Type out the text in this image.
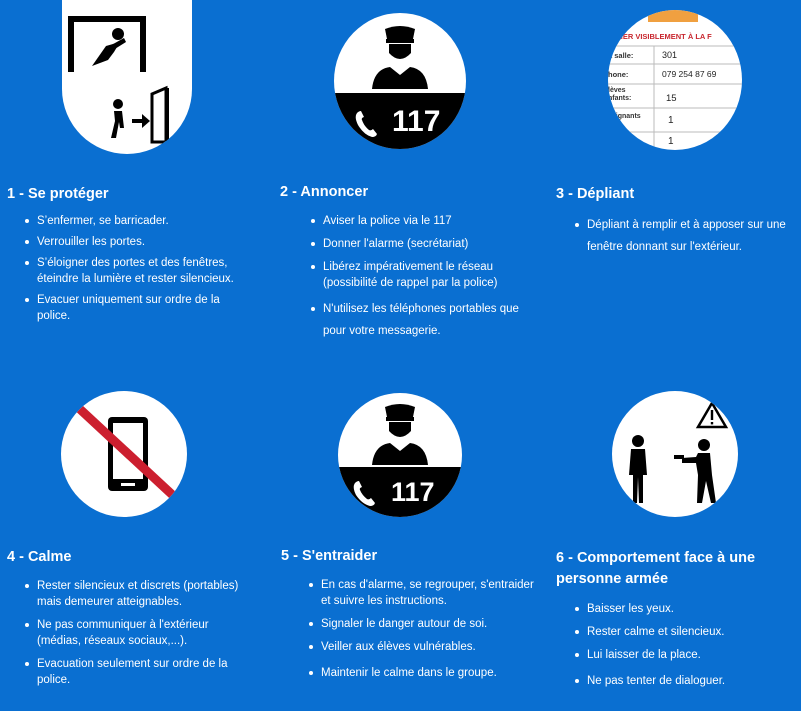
117
CHER VISIBLEMENT À LA F
a salle:	301
hone:	079 254 87 69
lèves
nfants:	15
seignants
tes:	1
1
117
1 - Se protéger
S’enfermer, se barricader.
Verrouiller les portes.
S’éloigner des portes et des fenêtres, éteindre la lumière et rester silencieux.
Evacuer uniquement sur ordre de la police.
2 - Annoncer
Aviser la police via le 117
Donner l'alarme (secrétariat)
Libérez impérativement le réseau (possibilité de rappel par la police)
N'utilisez les téléphones portables que pour votre messagerie.
3 - Dépliant
Dépliant à remplir et à apposer sur une fenêtre donnant sur l'extérieur.
4 - Calme
Rester silencieux et discrets (portables) mais demeurer atteignables.
Ne pas communiquer à l'extérieur (médias, réseaux sociaux,...).
Evacuation seulement sur ordre de la police.
5 - S'entraider
En cas d'alarme, se regrouper, s'entraider et suivre les instructions.
Signaler le danger autour de soi.
Veiller aux élèves vulnérables.
Maintenir le calme dans le groupe.
6 - Comportement face à une personne armée
Baisser les yeux.
Rester calme et silencieux.
Lui laisser de la place.
Ne pas tenter de dialoguer.
